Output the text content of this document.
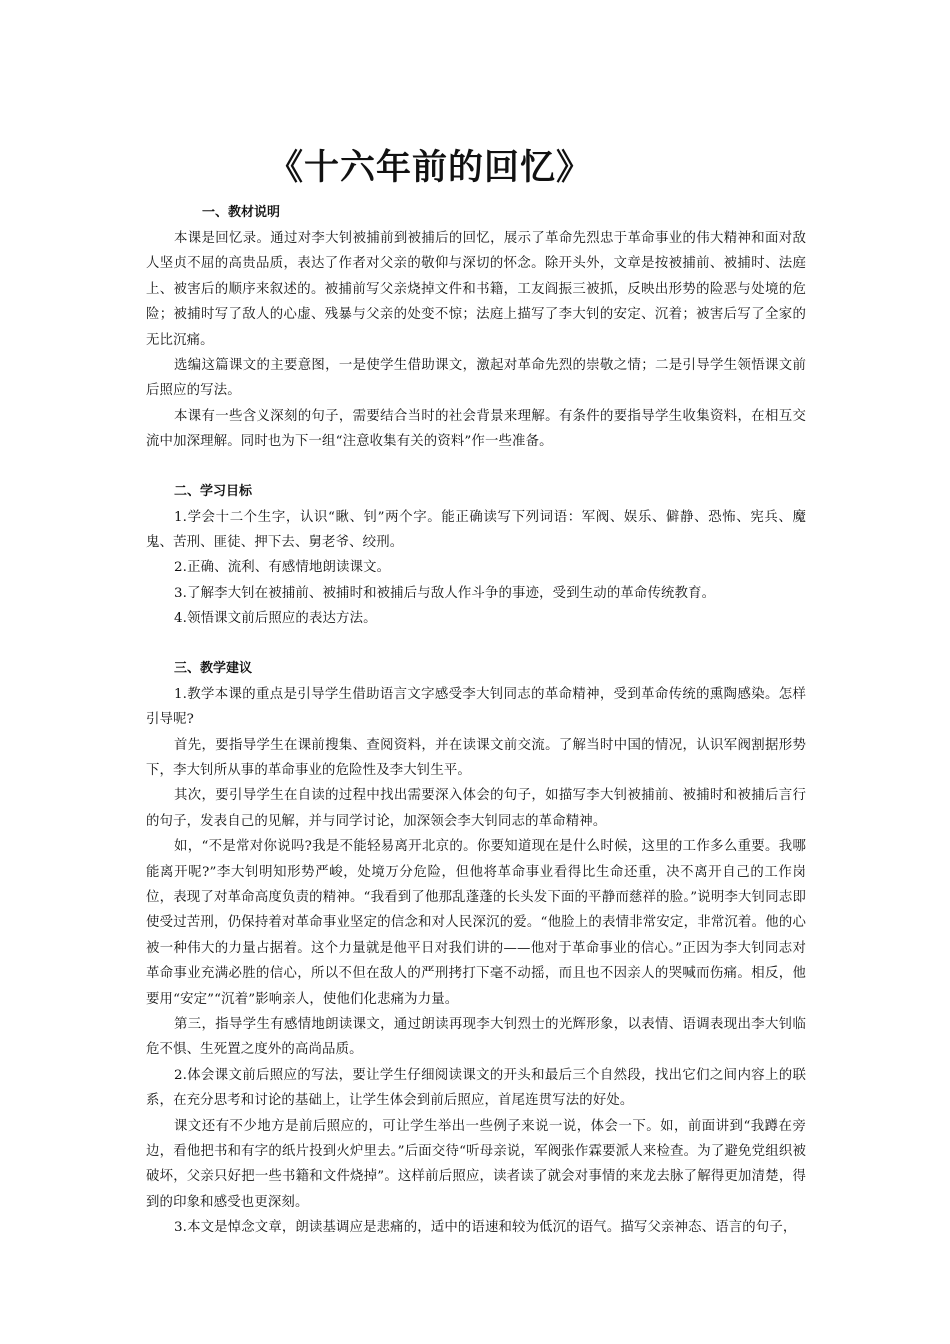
《十六年前的回忆》
一、教材说明

本课是回忆录。通过对李大钊被捕前到被捕后的回忆，展示了革命先烈忠于革命事业的伟大精神和面对敌人坚贞不屈的高贵品质，表达了作者对父亲的敬仰与深切的怀念。除开头外，文章是按被捕前、被捕时、法庭上、被害后的顺序来叙述的。被捕前写父亲烧掉文件和书籍，工友阎振三被抓，反映出形势的险恶与处境的危险；被捕时写了敌人的心虚、残暴与父亲的处变不惊；法庭上描写了李大钊的安定、沉着；被害后写了全家的无比沉痛。

选编这篇课文的主要意图，一是使学生借助课文，激起对革命先烈的崇敬之情；二是引导学生领悟课文前后照应的写法。

本课有一些含义深刻的句子，需要结合当时的社会背景来理解。有条件的要指导学生收集资料，在相互交流中加深理解。同时也为下一组“注意收集有关的资料”作一些准备。

二、学习目标

1.学会十二个生字，认识“瞅、钊”两个字。能正确读写下列词语：军阀、娱乐、僻静、恐怖、宪兵、魔鬼、苦刑、匪徒、押下去、舅老爷、绞刑。

2.正确、流利、有感情地朗读课文。

3.了解李大钊在被捕前、被捕时和被捕后与敌人作斗争的事迹，受到生动的革命传统教育。

4.领悟课文前后照应的表达方法。

三、教学建议

1.教学本课的重点是引导学生借助语言文字感受李大钊同志的革命精神，受到革命传统的熏陶感染。怎样引导呢?

首先，要指导学生在课前搜集、查阅资料，并在读课文前交流。了解当时中国的情况，认识军阀割据形势下，李大钊所从事的革命事业的危险性及李大钊生平。

其次，要引导学生在自读的过程中找出需要深入体会的句子，如描写李大钊被捕前、被捕时和被捕后言行的句子，发表自己的见解，并与同学讨论，加深领会李大钊同志的革命精神。

如，“不是常对你说吗?我是不能轻易离开北京的。你要知道现在是什么时候，这里的工作多么重要。我哪能离开呢?”李大钊明知形势严峻，处境万分危险，但他将革命事业看得比生命还重，决不离开自己的工作岗位，表现了对革命高度负责的精神。“我看到了他那乱蓬蓬的长头发下面的平静而慈祥的脸。”说明李大钊同志即使受过苦刑，仍保持着对革命事业坚定的信念和对人民深沉的爱。“他脸上的表情非常安定，非常沉着。他的心被一种伟大的力量占据着。这个力量就是他平日对我们讲的——他对于革命事业的信心。”正因为李大钊同志对革命事业充满必胜的信心，所以不但在敌人的严刑拷打下毫不动摇，而且也不因亲人的哭喊而伤痛。相反，他要用“安定”“沉着”影响亲人，使他们化悲痛为力量。

第三，指导学生有感情地朗读课文，通过朗读再现李大钊烈士的光辉形象，以表情、语调表现出李大钊临危不惧、生死置之度外的高尚品质。

2.体会课文前后照应的写法，要让学生仔细阅读课文的开头和最后三个自然段，找出它们之间内容上的联系，在充分思考和讨论的基础上，让学生体会到前后照应，首尾连贯写法的好处。

课文还有不少地方是前后照应的，可让学生举出一些例子来说一说，体会一下。如，前面讲到“我蹲在旁边，看他把书和有字的纸片投到火炉里去。”后面交待“听母亲说，军阀张作霖要派人来检查。为了避免党组织被破坏，父亲只好把一些书籍和文件烧掉”。这样前后照应，读者读了就会对事情的来龙去脉了解得更加清楚，得到的印象和感受也更深刻。

3.本文是悼念文章，朗读基调应是悲痛的，适中的语速和较为低沉的语气。描写父亲神态、语言的句子，
